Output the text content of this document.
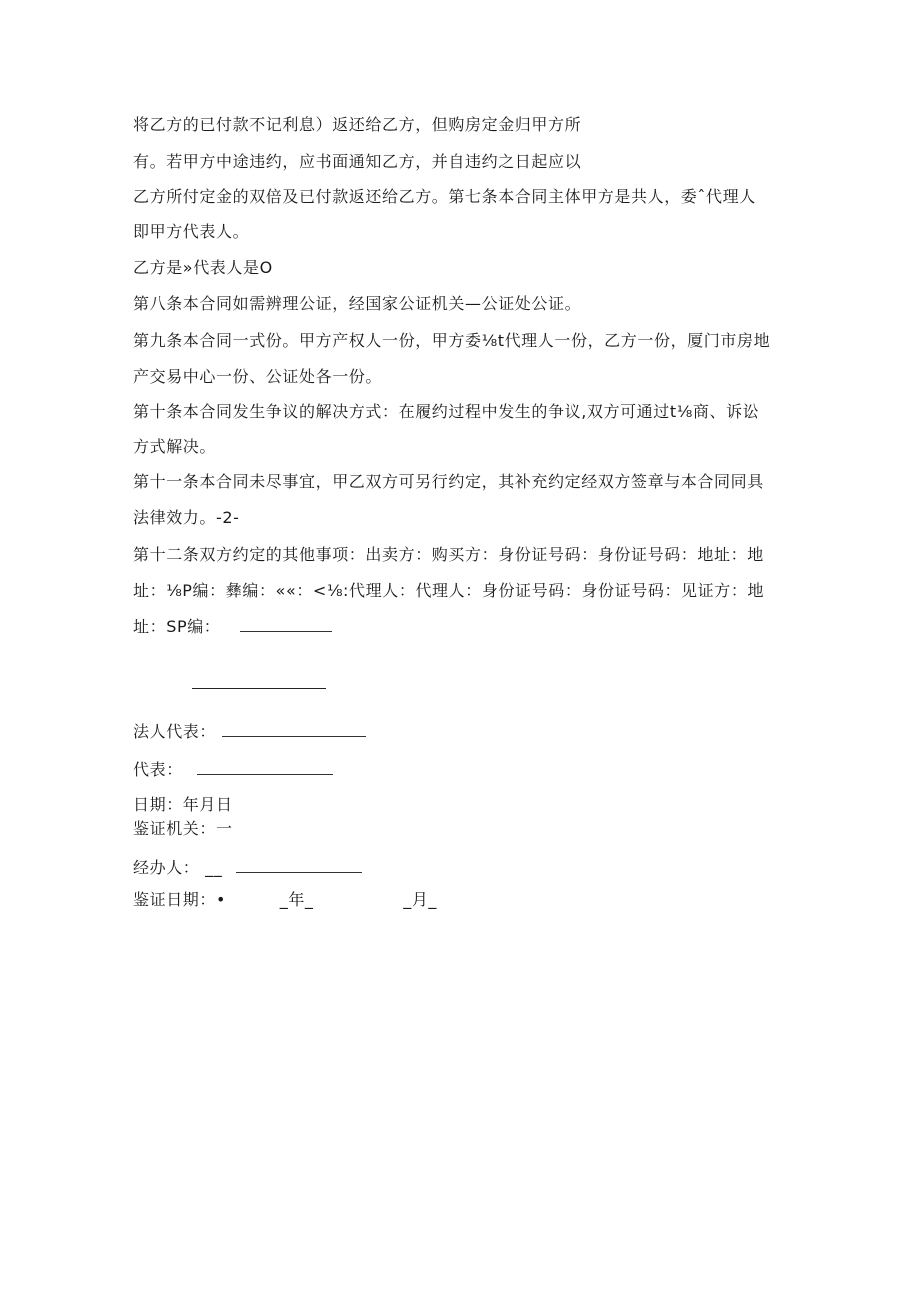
将乙方的已付款不记利息）返还给乙方，但购房定金归甲方所
有。若甲方中途违约，应书面通知乙方，并自违约之日起应以
乙方所付定金的双倍及已付款返还给乙方。第七条本合同主体甲方是共人，委ˆ代理人
即甲方代表人。
乙方是»代表人是O
第八条本合同如需辨理公证，经国家公证机关—公证处公证。
第九条本合同一式份。甲方产权人一份，甲方委⅛t代理人一份，乙方一份，厦门市房地
产交易中心一份、公证处各一份。
第十条本合同发生争议的解决方式：在履约过程中发生的争议,双方可通过t⅛商、诉讼
方式解决。
第十一条本合同未尽事宜，甲乙双方可另行约定，其补充约定经双方签章与本合同同具
法律效力。-2-
第十二条双方约定的其他事项：出卖方：购买方：身份证号码：身份证号码：地址：地
址：⅛P编：彝编：««：<⅛:代理人：代理人：身份证号码：身份证号码：见证方：地
址：SP编：
法人代表：
代表：
日期：年月日
鉴证机关：一
经办人： __
鉴证日期：•	_年_	_月_
